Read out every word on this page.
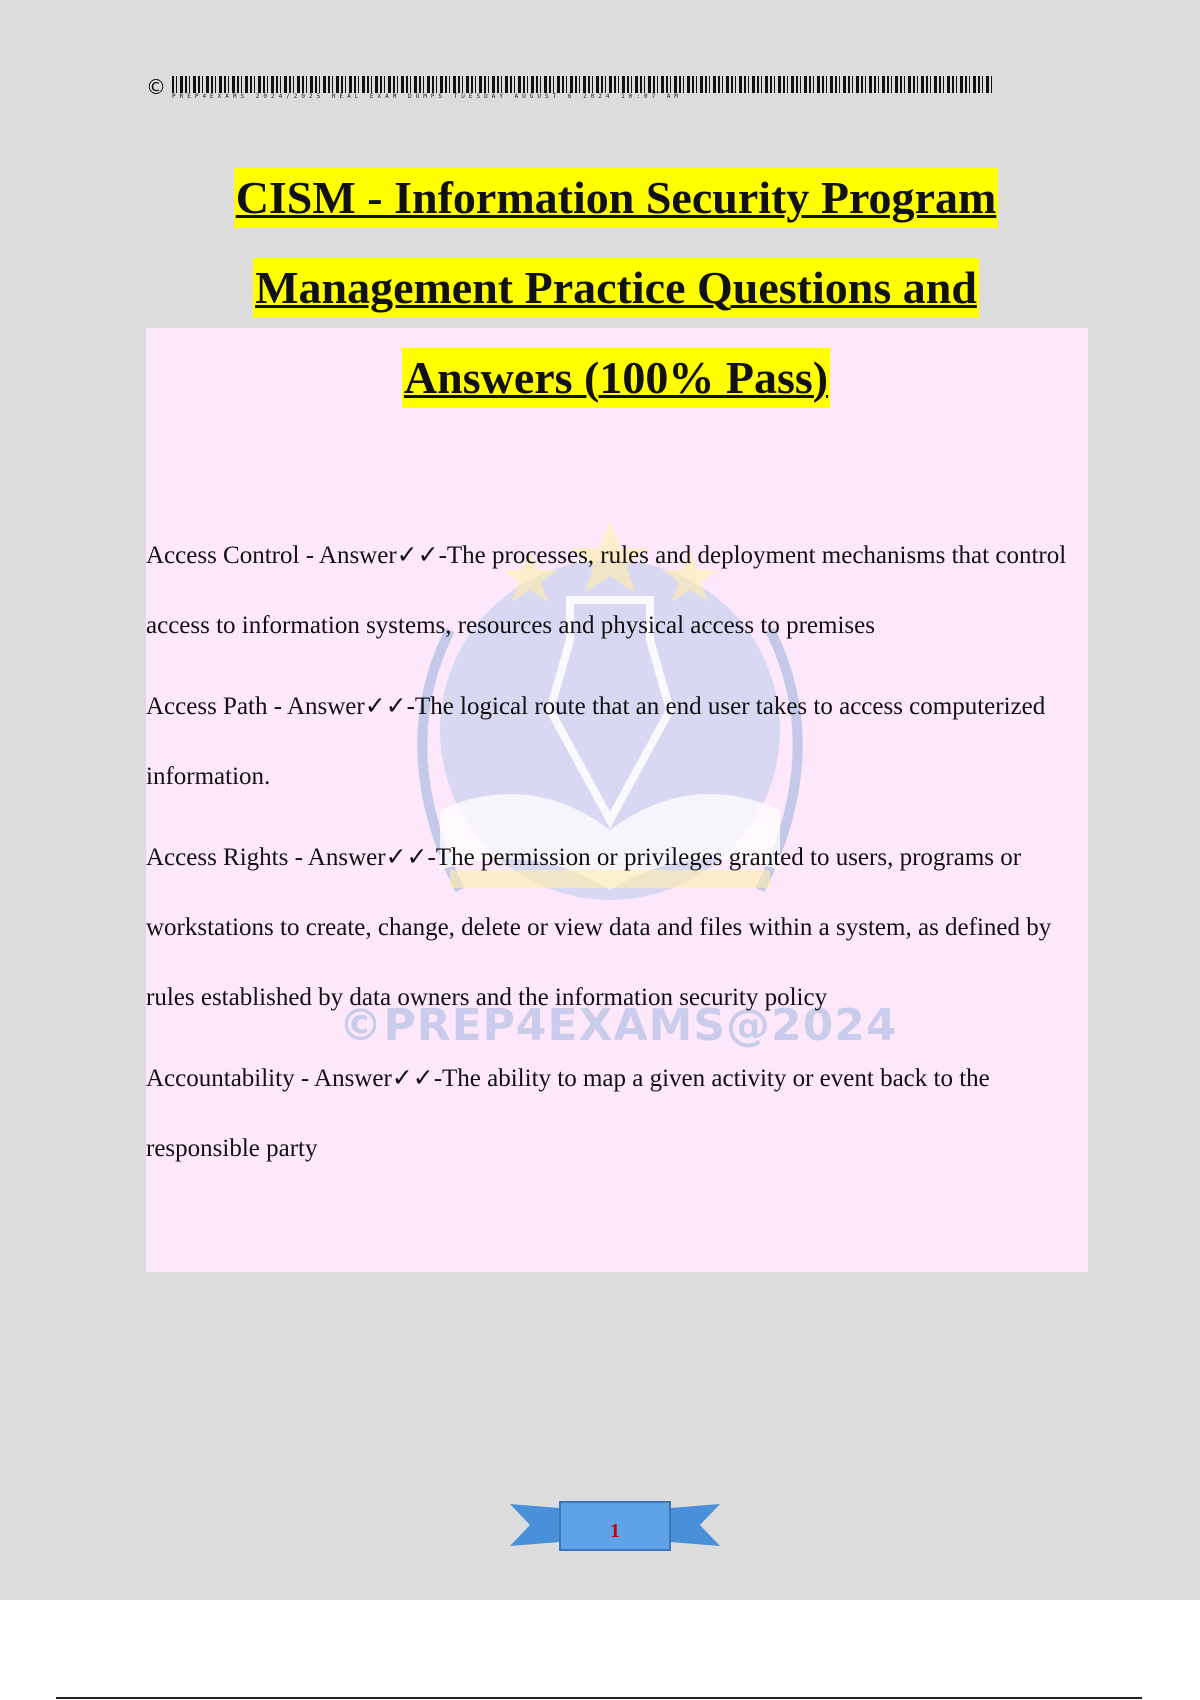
© PREP4EXAMS 2024/2025 REAL EXAM DUMPS TUESDAY AUGUST 6 2024 10:07 AM
©PREP4EXAMS@2024
CISM - Information Security Program
Management Practice Questions and
Answers (100% Pass)
Access Control - Answer✓✓-The processes, rules and deployment mechanisms that control access to information systems, resources and physical access to premises
Access Path - Answer✓✓-The logical route that an end user takes to access computerized information.
Access Rights - Answer✓✓-The permission or privileges granted to users, programs or workstations to create, change, delete or view data and files within a system, as defined by rules established by data owners and the information security policy
Accountability - Answer✓✓-The ability to map a given activity or event back to the responsible party
1
